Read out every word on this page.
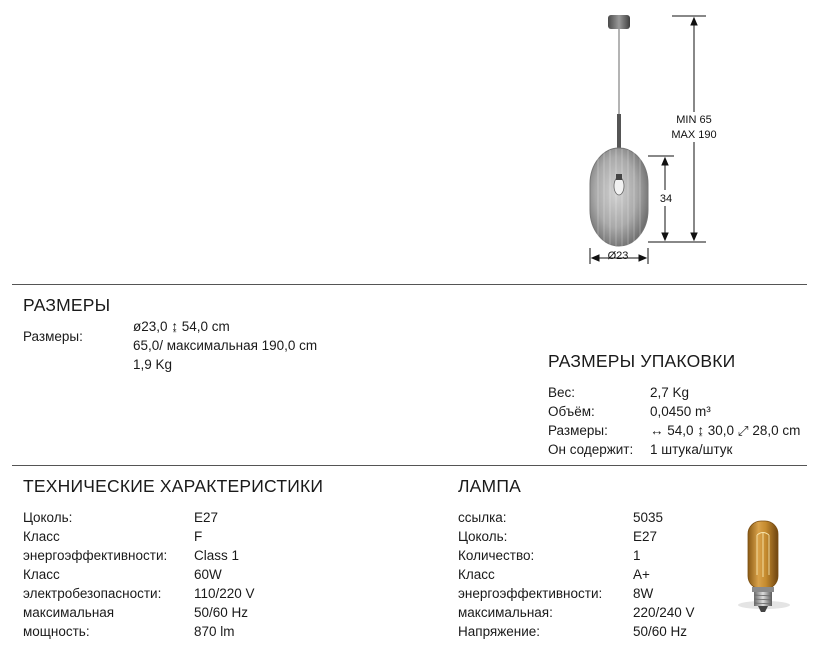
MIN 65
MAX 190
34
Ø23
РАЗМЕРЫ
Размеры:
ø23,0 ↨ 54,0 cm
65,0/ максимальная 190,0 cm
1,9 Kg	РАЗМЕРЫ УПАКОВКИ
Вес:	2,7 Kg
Объём:	0,0450 m³
Размеры:	↔ 54,0 ↨ 30,0 ⤢ 28,0 cm
Он содержит: 1 штука/штук
ТЕХНИЧЕСКИЕ ХАРАКТЕРИСТИКИ
Цоколь:	E27
Класс	F
энергоэффективности: Class 1
Класс	60W
электробезопасности: 110/220 V
максимальная	50/60 Hz
мощность:	870 lm
ЛАМПА
ссылка:	5035
Цоколь:	E27
Количество:	1
Класс	A+
энергоэффективности: 8W
максимальная:	220/240 V
Напряжение:	50/60 Hz
